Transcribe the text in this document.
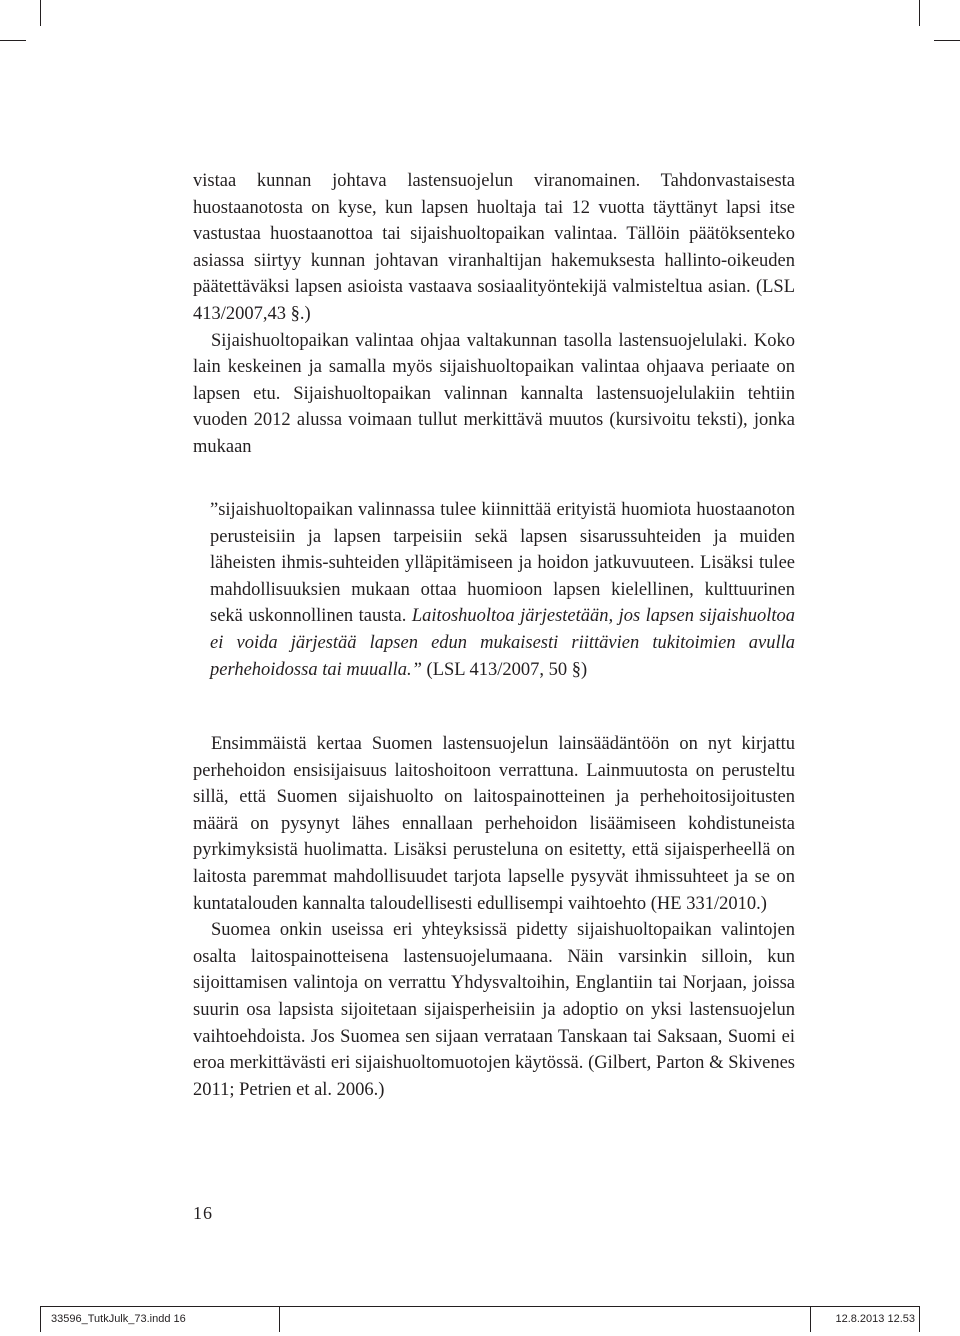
vistaa kunnan johtava lastensuojelun viranomainen. Tahdonvastaisesta huostaanotosta on kyse, kun lapsen huoltaja tai 12 vuotta täyttänyt lapsi itse vastustaa huostaanottoa tai sijaishuoltopaikan valintaa. Tällöin päätöksenteko asiassa siirtyy kunnan johtavan viranhaltijan hakemuksesta hallinto-oikeuden päätettäväksi lapsen asioista vastaava sosiaalityöntekijä valmisteltua asian. (LSL 413/2007,43 §.)

Sijaishuoltopaikan valintaa ohjaa valtakunnan tasolla lastensuojelulaki. Koko lain keskeinen ja samalla myös sijaishuoltopaikan valintaa ohjaava periaate on lapsen etu. Sijaishuoltopaikan valinnan kannalta lastensuojelulakiin tehtiin vuoden 2012 alussa voimaan tullut merkittävä muutos (kursivoitu teksti), jonka mukaan

”sijaishuoltopaikan valinnassa tulee kiinnittää erityistä huomiota huostaanoton perusteisiin ja lapsen tarpeisiin sekä lapsen sisarussuhteiden ja muiden läheisten ihmis-suhteiden ylläpitämiseen ja hoidon jatkuvuuteen. Lisäksi tulee mahdollisuuksien mukaan ottaa huomioon lapsen kielellinen, kulttuurinen sekä uskonnollinen tausta. Laitoshuoltoa järjestetään, jos lapsen sijaishuoltoa ei voida järjestää lapsen edun mukaisesti riittävien tukitoimien avulla perhehoidossa tai muualla.” (LSL 413/2007, 50 §)

Ensimmäistä kertaa Suomen lastensuojelun lainsäädäntöön on nyt kirjattu perhehoidon ensisijaisuus laitoshoitoon verrattuna. Lainmuutosta on perusteltu sillä, että Suomen sijaishuolto on laitospainotteinen ja perhehoitosijoitusten määrä on pysynyt lähes ennallaan perhehoidon lisäämiseen kohdistuneista pyrkimyksistä huolimatta. Lisäksi perusteluna on esitetty, että sijaisperheellä on laitosta paremmat mahdollisuudet tarjota lapselle pysyvät ihmissuhteet ja se on kuntatalouden kannalta taloudellisesti edullisempi vaihtoehto (HE 331/2010.)

Suomea onkin useissa eri yhteyksissä pidetty sijaishuoltopaikan valintojen osalta laitospainotteisena lastensuojelumaana. Näin varsinkin silloin, kun sijoittamisen valintoja on verrattu Yhdysvaltoihin, Englantiin tai Norjaan, joissa suurin osa lapsista sijoitetaan sijaisperheisiin ja adoptio on yksi lastensuojelun vaihtoehdoista. Jos Suomea sen sijaan verrataan Tanskaan tai Saksaan, Suomi ei eroa merkittävästi eri sijaishuoltomuotojen käytössä. (Gilbert, Parton & Skivenes 2011; Petrien et al. 2006.)

16
33596_TutkJulk_73.indd 16	12.8.2013 12.53
